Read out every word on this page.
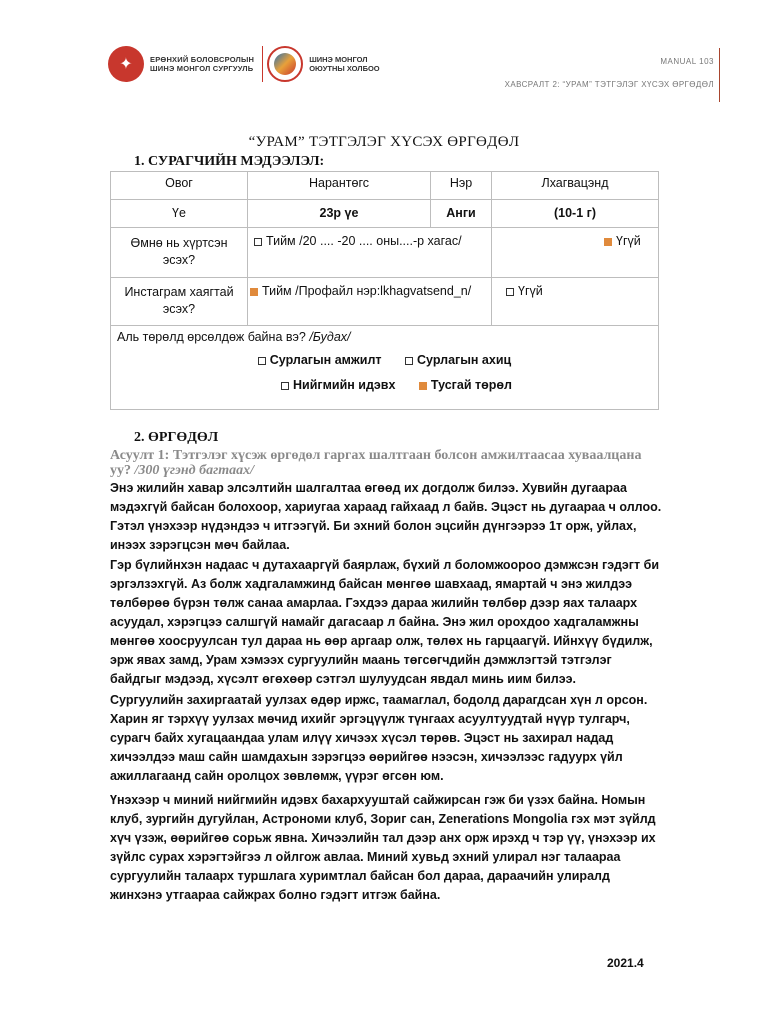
✦	ЕРӨНХИЙ БОЛОВСРОЛЫН
ШИНЭ МОНГОЛ СУРГУУЛЬ
ШИНЭ МОНГОЛ
ОЮУТНЫ ХОЛБОО
MANUAL 103
ХАВСРАЛТ 2: “УРАМ” ТЭТГЭЛЭГ ХҮСЭХ ӨРГӨДӨЛ
“УРАМ” ТЭТГЭЛЭГ ХҮСЭХ ӨРГӨДӨЛ
1. СУРАГЧИЙН МЭДЭЭЛЭЛ:
Овог	Нарантөгс	Нэр	Лхагвацэнд
Үе	23р үе	Анги	(10-1 г)
Өмнө нь хүртсэн эсэх?	Тийм /20 .... -20 .... оны....-р хагас/		Үгүй
Инстаграм хаягтай эсэх?	Тийм /Профайл нэр:lkhagvatsend_n/		Үгүй

Аль төрөлд өрсөлдөж байна вэ? /Будах/
Сурлагын амжилт Сурлагын ахиц
Нийгмийн идэвх Тусгай төрөл			
2. ӨРГӨДӨЛ
Асуулт 1: Тэтгэлэг хүсэж өргөдөл гаргах шалтгаан болсон амжилтаасаа хуваалцана уу? /300 үгэнд багтаах/
Энэ жилийн хавар элсэлтийн шалгалтаа өгөөд их догдолж билээ. Хувийн дугаараа мэдэхгүй байсан болохоор, хариугаа хараад гайхаад л байв. Эцэст нь дугаараа ч оллоо. Гэтэл үнэхээр нүдэндээ ч итгээгүй. Би эхний болон эцсийн дүнгээрээ 1т орж, уйлах, инээх зэрэгцсэн мөч байлаа.
Гэр бүлийнхэн надаас ч дутахааргүй баярлаж, бүхий л боломжоороо дэмжсэн гэдэгт би эргэлзэхгүй. Аз болж хадгаламжинд байсан мөнгөө шавхаад, ямартай ч энэ жилдээ төлбөрөө бүрэн төлж санаа амарлаа. Гэхдээ дараа жилийн төлбөр дээр яах талаарх асуудал, хэрэгцээ салшгүй намайг дагасаар л байна. Энэ жил орохдоо хадгаламжны мөнгөө хоосруулсан тул дараа нь өөр аргаар олж, төлөх нь гарцаагүй. Ийнхүү бүдилж, эрж явах замд, Урам хэмээх сургуулийн маань төгсөгчдийн дэмжлэгтэй тэтгэлэг байдгыг мэдээд, хүсэлт өгөхөөр сэтгэл шулуудсан явдал минь иим билээ.
Сургуулийн захиргаатай уулзах өдөр иржс, таамаглал, бодолд дарагдсан хүн л орсон. Харин яг тэрхүү уулзах мөчид ихийг эргэцүүлж түнгаах асуултуудтай нүүр тулгарч, сурагч байх хугацаандаа улам илүү хичээх хүсэл төрөв. Эцэст нь захирал надад хичээлдээ маш сайн шамдахын зэрэгцээ өөрийгөө нээсэн, хичээлээс гадуурх үйл ажиллагаанд сайн оролцох зөвлөмж, үүрэг өгсөн юм.
Үнэхээр ч миний нийгмийн идэвх бахархууштай сайжирсан гэж би үзэх байна. Номын клуб, зургийн дугуйлан, Астрономи клуб, Зориг сан, Zenerations Mongolia гэх мэт зүйлд хүч үзэж, өөрийгөө сорьж явна. Хичээлийн тал дээр анх орж ирэхд ч тэр үү, үнэхээр их зүйлс сурах хэрэгтэйгээ л ойлгож авлаа. Миний хувьд эхний улирал нэг талаараа сургуулийн талаарх туршлага хуримтлал байсан бол дараа, дараачийн улиралд жинхэнэ утгаараа сайжрах болно гэдэгт итгэж байна.
2021.4
